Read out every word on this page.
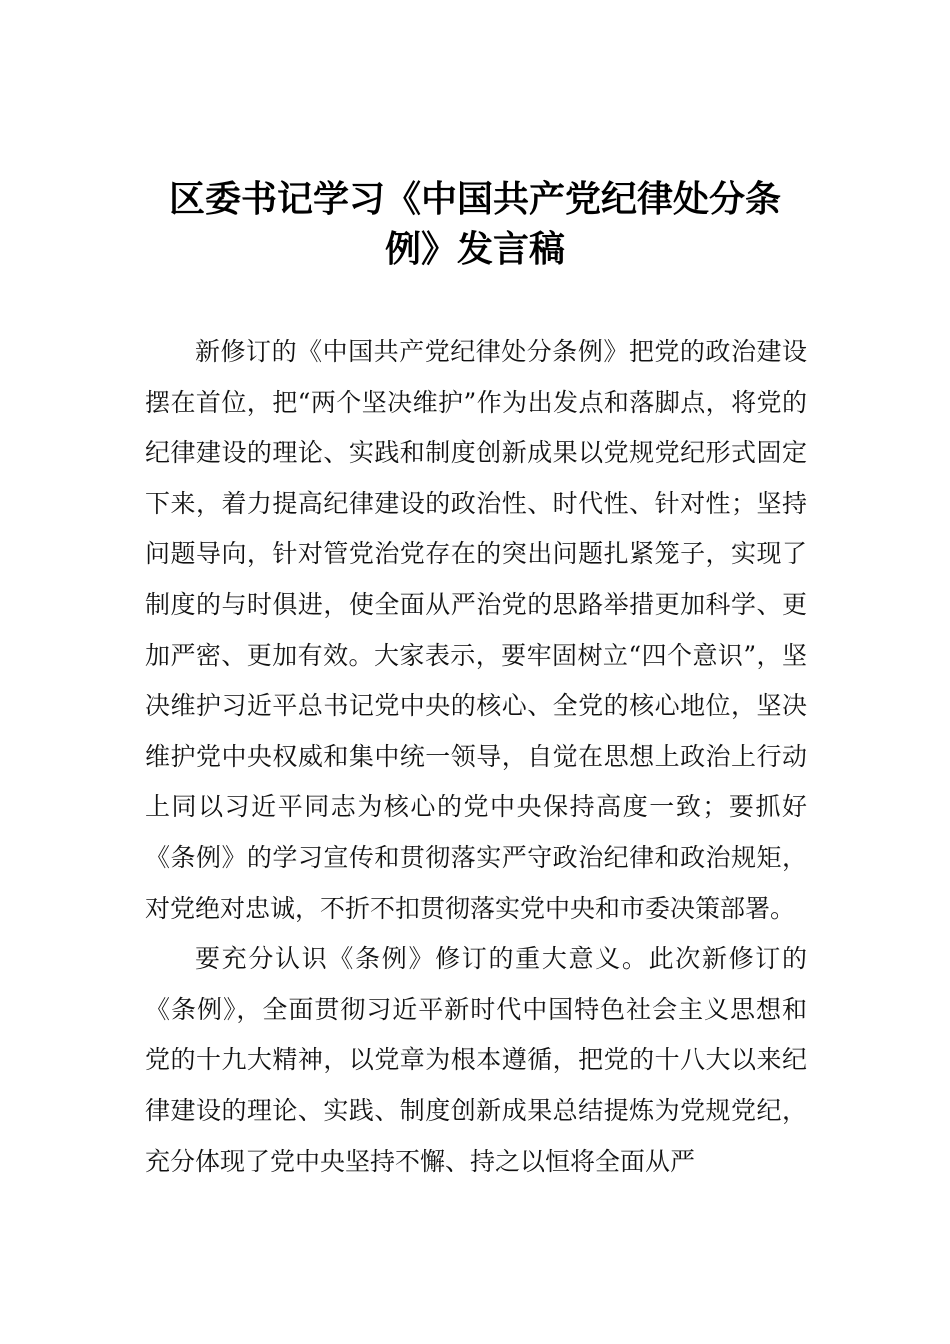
区委书记学习《中国共产党纪律处分条
例》发言稿

新修订的《中国共产党纪律处分条例》把党的政治建设摆在首位，把“两个坚决维护”作为出发点和落脚点，将党的纪律建设的理论、实践和制度创新成果以党规党纪形式固定下来，着力提高纪律建设的政治性、时代性、针对性；坚持问题导向，针对管党治党存在的突出问题扎紧笼子，实现了制度的与时俱进，使全面从严治党的思路举措更加科学、更加严密、更加有效。大家表示，要牢固树立“四个意识”，坚决维护习近平总书记党中央的核心、全党的核心地位，坚决维护党中央权威和集中统一领导，自觉在思想上政治上行动上同以习近平同志为核心的党中央保持高度一致；要抓好《条例》的学习宣传和贯彻落实严守政治纪律和政治规矩，对党绝对忠诚，不折不扣贯彻落实党中央和市委决策部署。

要充分认识《条例》修订的重大意义。此次新修订的《条例》，全面贯彻习近平新时代中国特色社会主义思想和党的十九大精神，以党章为根本遵循，把党的十八大以来纪律建设的理论、实践、制度创新成果总结提炼为党规党纪，充分体现了党中央坚持不懈、持之以恒将全面从严
